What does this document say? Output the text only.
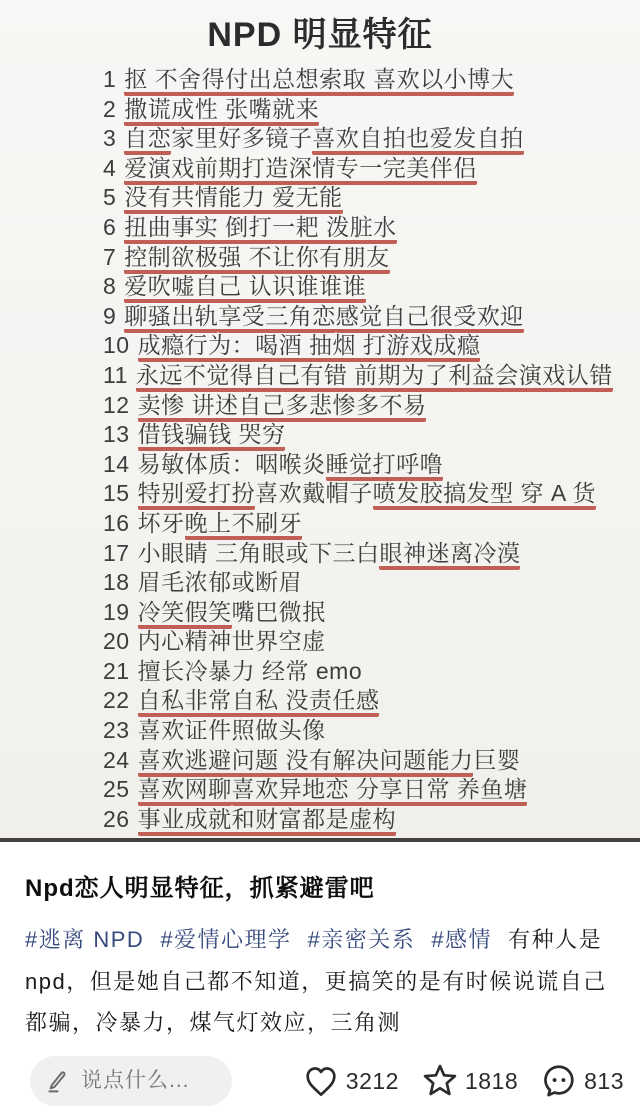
NPD 明显特征
1 抠 不舍得付出总想索取 喜欢以小博大
2 撒谎成性 张嘴就来
3 自恋家里好多镜子喜欢自拍也爱发自拍
4 爱演戏前期打造深情专一完美伴侣
5 没有共情能力 爱无能
6 扭曲事实 倒打一耙 泼脏水
7 控制欲极强 不让你有朋友
8 爱吹嘘自己 认识谁谁谁
9 聊骚出轨享受三角恋感觉自己很受欢迎
10 成瘾行为：喝酒 抽烟 打游戏成瘾
11 永远不觉得自己有错 前期为了利益会演戏认错
12 卖惨 讲述自己多悲惨多不易
13 借钱骗钱 哭穷
14 易敏体质：咽喉炎睡觉打呼噜
15 特别爱打扮喜欢戴帽子喷发胶搞发型 穿 A 货
16 坏牙晚上不刷牙
17 小眼睛 三角眼或下三白眼神迷离冷漠
18 眉毛浓郁或断眉
19 冷笑假笑嘴巴微抿
20 内心精神世界空虚
21 擅长冷暴力 经常 emo
22 自私非常自私 没责任感
23 喜欢证件照做头像
24 喜欢逃避问题 没有解决问题能力巨婴
25 喜欢网聊喜欢异地恋 分享日常 养鱼塘
26 事业成就和财富都是虚构
Npd恋人明显特征，抓紧避雷吧
#逃离 NPD #爱情心理学 #亲密关系 #感情 有种人是npd，但是她自己都不知道，更搞笑的是有时候说谎自己都骗，冷暴力，煤气灯效应，三角测
说点什么...
3212	1818	813
